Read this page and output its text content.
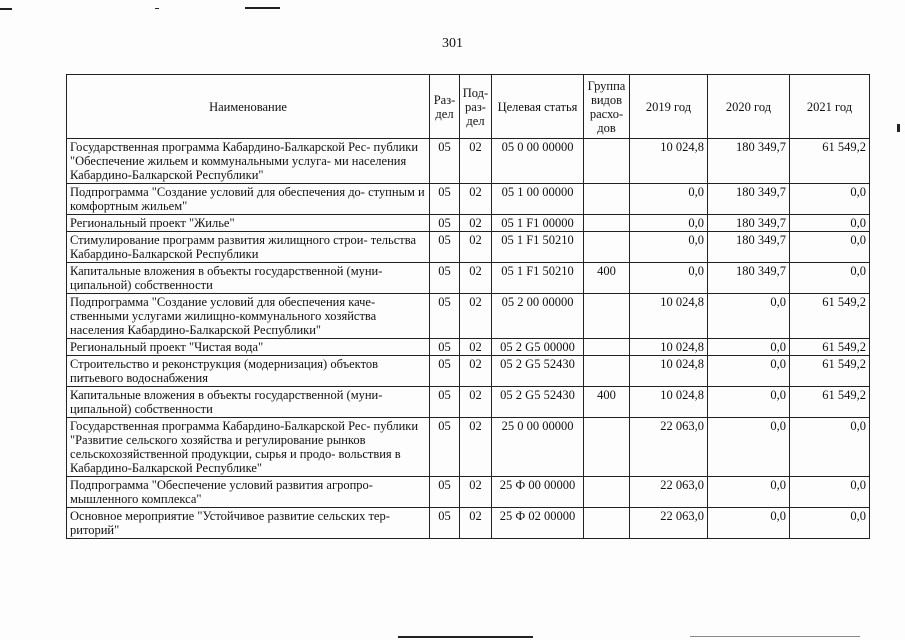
301
Наименование	Раз-дел	Под-раз-дел	Целевая статья	Группа видов расхо-дов	2019 год	2020 год	2021 год
Государственная программа Кабардино-Балкарской Рес- публики "Обеспечение жильем и коммунальными услуга- ми населения Кабардино-Балкарской Республики"	05	02	05 0 00 00000		10 024,8	180 349,7	61 549,2
Подпрограмма "Создание условий для обеспечения до- ступным и комфортным жильем"	05	02	05 1 00 00000		0,0	180 349,7	0,0
Региональный проект "Жилье"	05	02	05 1 F1 00000		0,0	180 349,7	0,0
Стимулирование программ развития жилищного строи- тельства Кабардино-Балкарской Республики	05	02	05 1 F1 50210		0,0	180 349,7	0,0
Капитальные вложения в объекты государственной (муни- ципальной) собственности	05	02	05 1 F1 50210	400	0,0	180 349,7	0,0
Подпрограмма "Создание условий для обеспечения каче- ственными услугами жилищно-коммунального хозяйства населения Кабардино-Балкарской Республики"	05	02	05 2 00 00000		10 024,8	0,0	61 549,2
Региональный проект "Чистая вода"	05	02	05 2 G5 00000		10 024,8	0,0	61 549,2
Строительство и реконструкция (модернизация) объектов питьевого водоснабжения	05	02	05 2 G5 52430		10 024,8	0,0	61 549,2
Капитальные вложения в объекты государственной (муни- ципальной) собственности	05	02	05 2 G5 52430	400	10 024,8	0,0	61 549,2
Государственная программа Кабардино-Балкарской Рес- публики "Развитие сельского хозяйства и регулирование рынков сельскохозяйственной продукции, сырья и продо- вольствия в Кабардино-Балкарской Республике"	05	02	25 0 00 00000		22 063,0	0,0	0,0
Подпрограмма "Обеспечение условий развития агропро- мышленного комплекса"	05	02	25 Ф 00 00000		22 063,0	0,0	0,0
Основное мероприятие "Устойчивое развитие сельских тер- риторий"	05	02	25 Ф 02 00000		22 063,0	0,0	0,0
